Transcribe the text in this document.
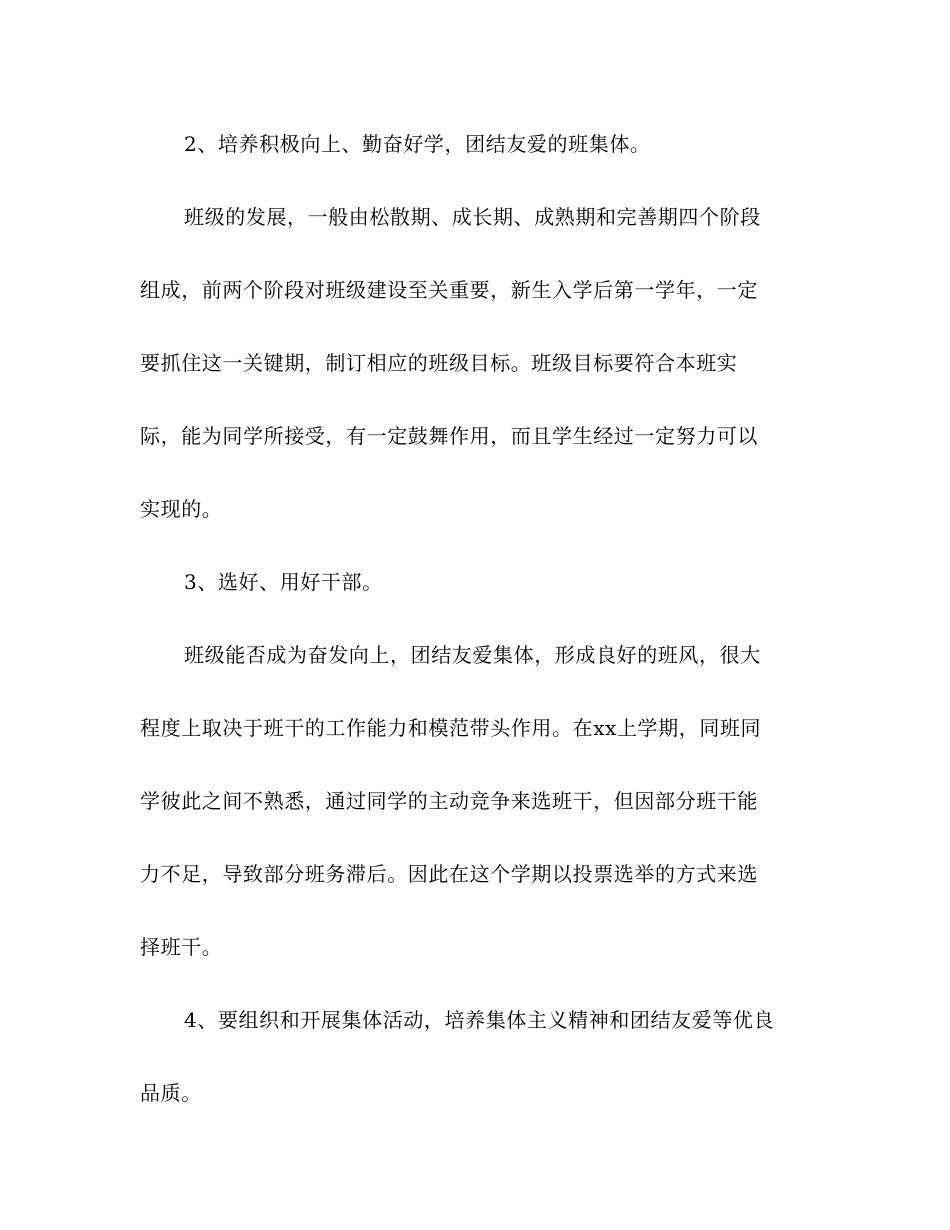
2、培养积极向上、勤奋好学，团结友爱的班集体。
班级的发展，一般由松散期、成长期、成熟期和完善期四个阶段
组成，前两个阶段对班级建设至关重要，新生入学后第一学年，一定
要抓住这一关键期，制订相应的班级目标。班级目标要符合本班实
际，能为同学所接受，有一定鼓舞作用，而且学生经过一定努力可以
实现的。
3、选好、用好干部。
班级能否成为奋发向上，团结友爱集体，形成良好的班风，很大
程度上取决于班干的工作能力和模范带头作用。在xx上学期，同班同
学彼此之间不熟悉，通过同学的主动竞争来选班干，但因部分班干能
力不足，导致部分班务滞后。因此在这个学期以投票选举的方式来选
择班干。
4、要组织和开展集体活动，培养集体主义精神和团结友爱等优良
品质。
